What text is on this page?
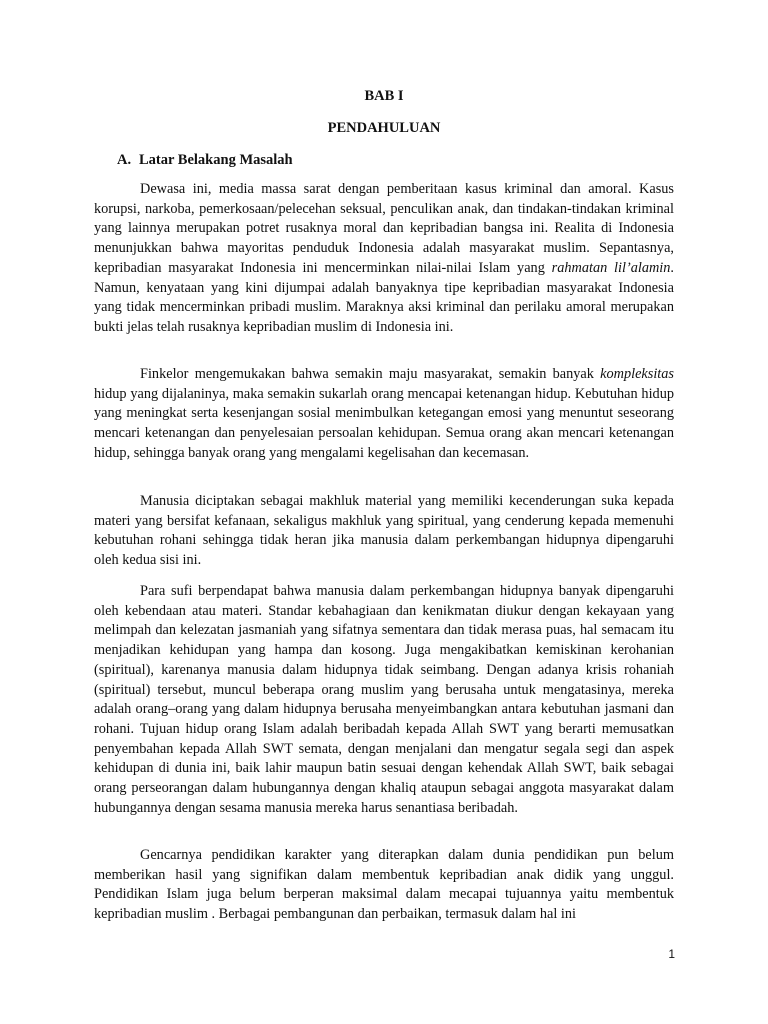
BAB I
PENDAHULUAN
A. Latar Belakang Masalah

Dewasa ini, media massa sarat dengan pemberitaan kasus kriminal dan amoral. Kasus korupsi, narkoba, pemerkosaan/pelecehan seksual, penculikan anak, dan tindakan-tindakan kriminal yang lainnya merupakan potret rusaknya moral dan kepribadian bangsa ini. Realita di Indonesia menunjukkan bahwa mayoritas penduduk Indonesia adalah masyarakat muslim. Sepantasnya, kepribadian masyarakat Indonesia ini mencerminkan nilai-nilai Islam yang rahmatan lil’alamin. Namun, kenyataan yang kini dijumpai adalah banyaknya tipe kepribadian masyarakat Indonesia yang tidak mencerminkan pribadi muslim. Maraknya aksi kriminal dan perilaku amoral merupakan bukti jelas telah rusaknya kepribadian muslim di Indonesia ini.

Finkelor mengemukakan bahwa semakin maju masyarakat, semakin banyak kompleksitas hidup yang dijalaninya, maka semakin sukarlah orang mencapai ketenangan hidup. Kebutuhan hidup yang meningkat serta kesenjangan sosial menimbulkan ketegangan emosi yang menuntut seseorang mencari ketenangan dan penyelesaian persoalan kehidupan. Semua orang akan mencari ketenangan hidup, sehingga banyak orang yang mengalami kegelisahan dan kecemasan.

Manusia diciptakan sebagai makhluk material yang memiliki kecenderungan suka kepada materi yang bersifat kefanaan, sekaligus makhluk yang spiritual, yang cenderung kepada memenuhi kebutuhan rohani sehingga tidak heran jika manusia dalam perkembangan hidupnya dipengaruhi oleh kedua sisi ini.

Para sufi berpendapat bahwa manusia dalam perkembangan hidupnya banyak dipengaruhi oleh kebendaan atau materi. Standar kebahagiaan dan kenikmatan diukur dengan kekayaan yang melimpah dan kelezatan jasmaniah yang sifatnya sementara dan tidak merasa puas, hal semacam itu menjadikan kehidupan yang hampa dan kosong. Juga mengakibatkan kemiskinan kerohanian (spiritual), karenanya manusia dalam hidupnya tidak seimbang. Dengan adanya krisis rohaniah (spiritual) tersebut, muncul beberapa orang muslim yang berusaha untuk mengatasinya, mereka adalah orang–orang yang dalam hidupnya berusaha menyeimbangkan antara kebutuhan jasmani dan rohani. Tujuan hidup orang Islam adalah beribadah kepada Allah SWT yang berarti memusatkan penyembahan kepada Allah SWT semata, dengan menjalani dan mengatur segala segi dan aspek kehidupan di dunia ini, baik lahir maupun batin sesuai dengan kehendak Allah SWT, baik sebagai orang perseorangan dalam hubungannya dengan khaliq ataupun sebagai anggota masyarakat dalam hubungannya dengan sesama manusia mereka harus senantiasa beribadah.

Gencarnya pendidikan karakter yang diterapkan dalam dunia pendidikan pun belum memberikan hasil yang signifikan dalam membentuk kepribadian anak didik yang unggul. Pendidikan Islam juga belum berperan maksimal dalam mecapai tujuannya yaitu membentuk kepribadian muslim . Berbagai pembangunan dan perbaikan, termasuk dalam hal ini

1
